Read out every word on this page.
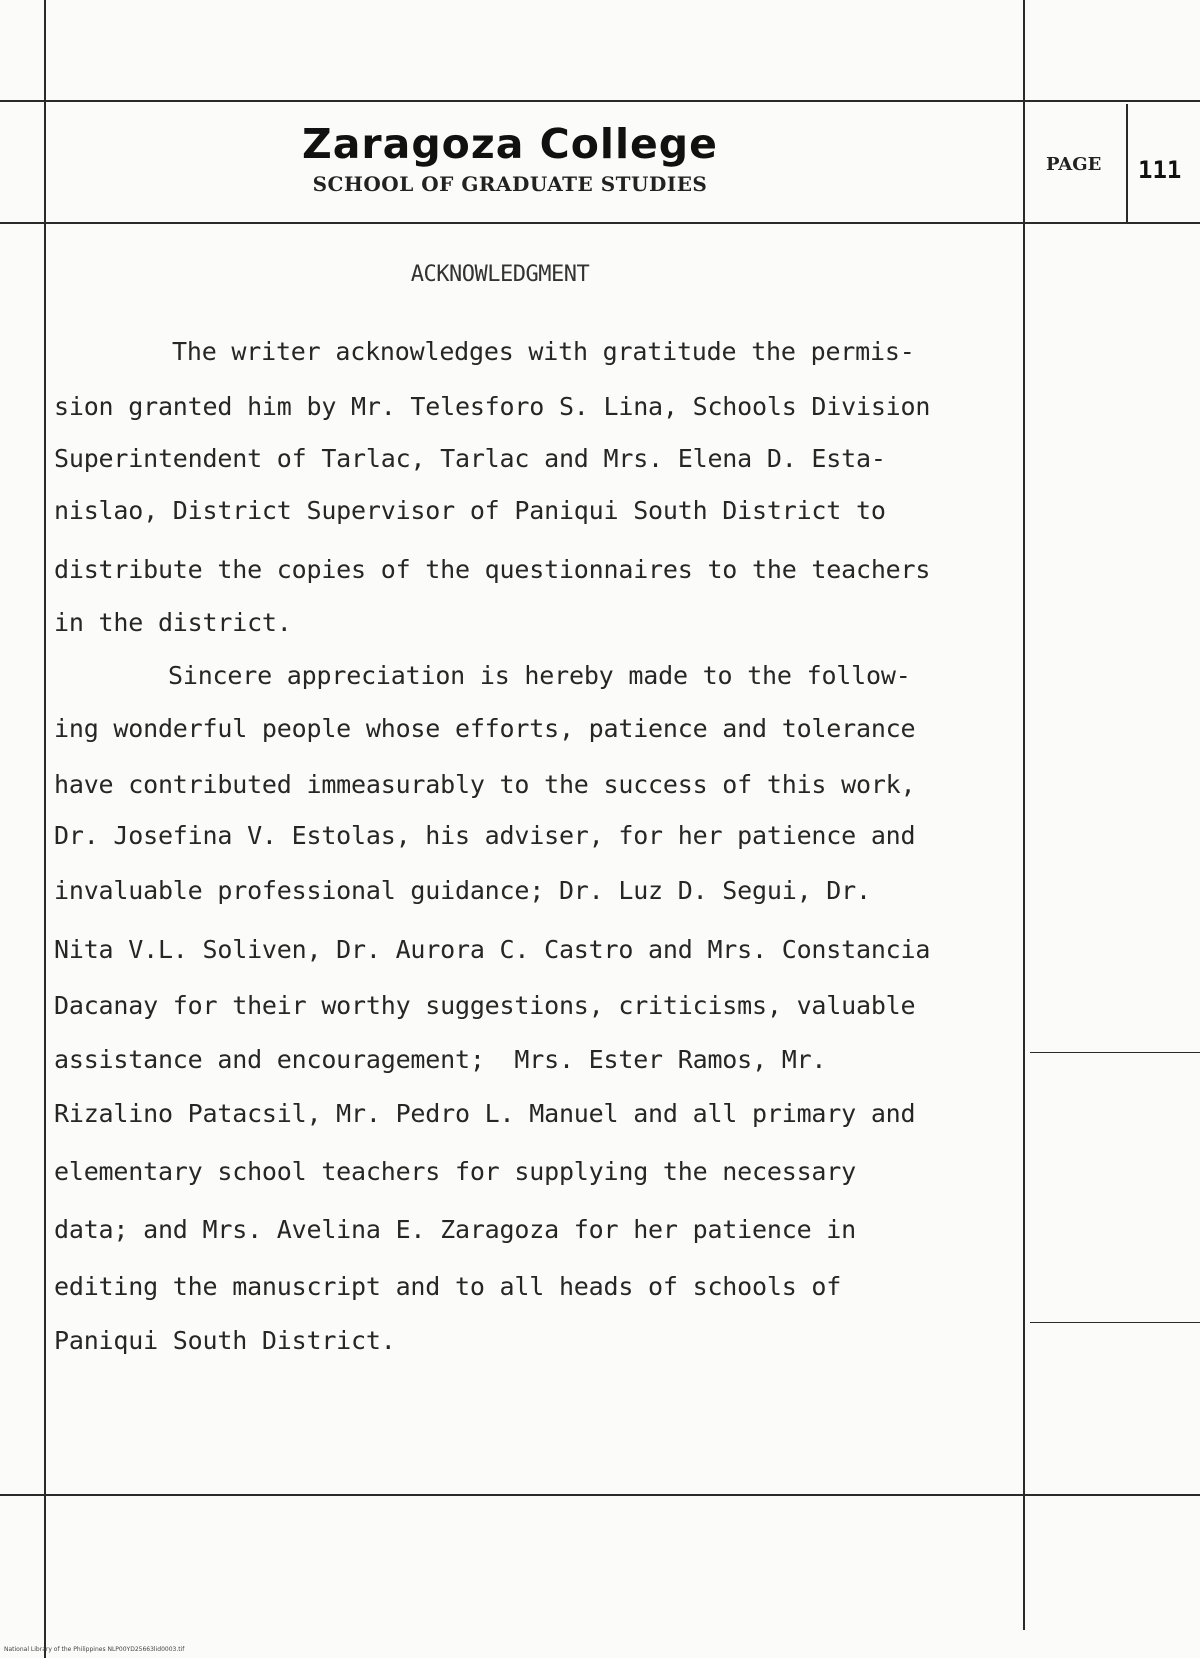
Zaragoza College
SCHOOL OF GRADUATE STUDIES
PAGE 111
ACKNOWLEDGMENT
The writer acknowledges with gratitude the permis-
sion granted him by Mr. Telesforo S. Lina, Schools Division
Superintendent of Tarlac, Tarlac and Mrs. Elena D. Esta-
nislao, District Supervisor of Paniqui South District to
distribute the copies of the questionnaires to the teachers
in the district.
Sincere appreciation is hereby made to the follow-
ing wonderful people whose efforts, patience and tolerance
have contributed immeasurably to the success of this work,
Dr. Josefina V. Estolas, his adviser, for her patience and
invaluable professional guidance; Dr. Luz D. Segui, Dr.
Nita V.L. Soliven, Dr. Aurora C. Castro and Mrs. Constancia
Dacanay for their worthy suggestions, criticisms, valuable
assistance and encouragement;  Mrs. Ester Ramos, Mr.
Rizalino Patacsil, Mr. Pedro L. Manuel and all primary and
elementary school teachers for supplying the necessary
data; and Mrs. Avelina E. Zaragoza for her patience in
editing the manuscript and to all heads of schools of
Paniqui South District.
National Library of the Philippines NLP00YD25663lid0003.tif
